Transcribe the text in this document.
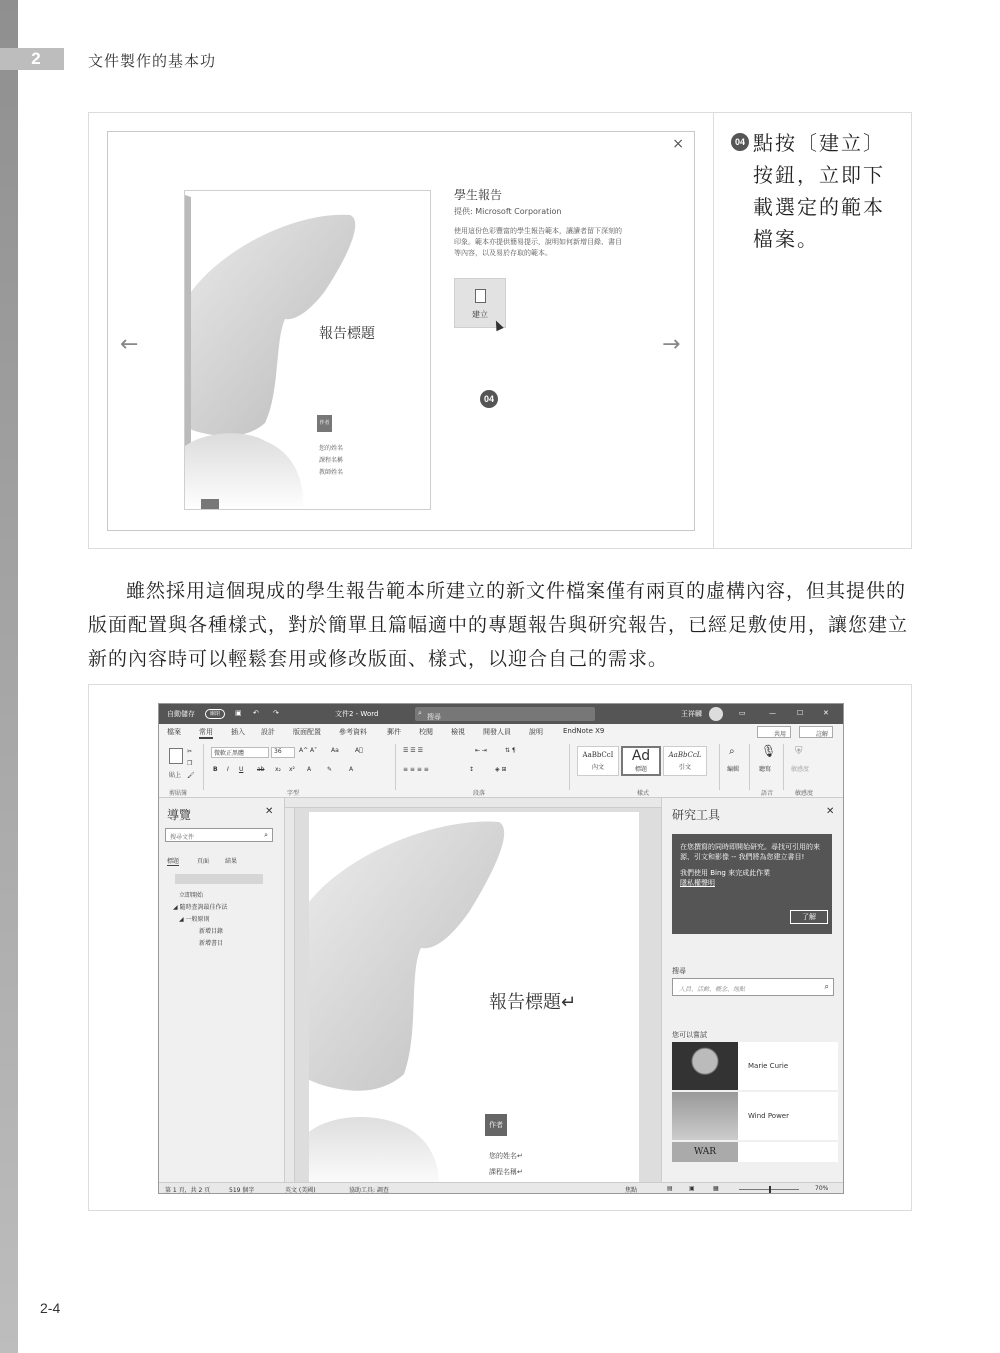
2	文件製作的基本功
×
報告標題
作者
您的姓名
課程名稱
教師姓名
學生報告
提供: Microsoft Corporation
使用這份色彩豐富的學生報告範本，讓讀者留下深刻的印象。範本亦提供簡易提示，說明如何新增目錄、書目等內容，以及易於存取的範本。
建立
←	→
04
04 點按〔建立〕按鈕，立即下載選定的範本檔案。

雖然採用這個現成的學生報告範本所建立的新文件檔案僅有兩頁的虛構內容，但其提供的版面配置與各種樣式，對於簡單且篇幅適中的專題報告與研究報告，已經足敷使用，讓您建立新的內容時可以輕鬆套用或修改版面、樣式，以迎合自己的需求。

自動儲存	關閉	▣ ↶ ↷	文件2 - Word	⌕ 搜尋	王祥麟	▭	—	☐	✕
檔案	常用	插入 設計	版面配置	參考資料	郵件	校閱	檢視	開發人員	說明	EndNote X9	共用	註解
貼上
✂
❐
🖌
微軟正黑體	36	A^ A˅ Aa	A⃠
B I U ab x₂ x² A	✎	A
☰ ☰ ☰	⇤ ⇥	⇅ ¶
≡ ≡ ≡ ≡	↕	◈ ⊞
AaBbCcI
內文
Ad
標題
AaBbCcL
引文
⌕
編輯
🎙
聽寫
⛨
敏感度
剪貼簿	字型	段落	樣式	語音	敏感度
導覽	✕
搜尋文件	⌕
標題	頁面	結果
立即開始
◢ 隨時查詢最佳作法
◢ 一般原則
新增目錄
新增書目
報告標題↵
作者
您的姓名↵
課程名稱↵
研究工具	✕
在您撰寫的同時即開始研究。尋找可引用的來源、引文和影像 -- 我們將為您建立書目!
我們使用 Bing 來完成此作業
隱私權聲明
了解
搜尋
人員、活動、概念、地點	⌕
您可以嘗試
Marie Curie
Wind Power
WAR
第 1 頁，共 2 頁	519 個字	英文 (美國)	協助工具: 調查	焦點	▤	▣	▦	70%
2-4
